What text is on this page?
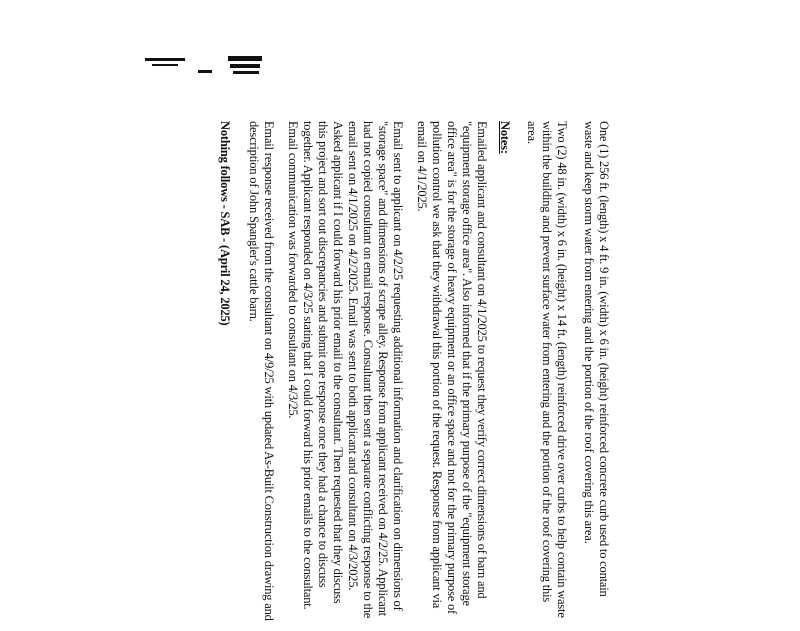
One (1) 256 ft. (length) x 4 ft. 9 in. (width) x 6 in. (height) reinforced concrete curb used to contain waste and keep storm water from entering and the portion of the roof covering this area.

Two (2) 48 in. (width) x 6 in. (height) x 14 ft. (length) reinforced drive over curbs to help contain waste within the building and prevent surface water from entering and the portion of the roof covering this area.

Notes:

Emailed applicant and consultant on 4/1/2025 to request they verify correct dimensions of barn and "equipment storage office area". Also informed that if the primary purpose of the "equipment storage office area" is for the storage of heavy equipment or an office space and not for the primary purpose of pollution control we ask that they withdrawal this portion of the request. Response from applicant via email on 4/1/2025.

Email sent to applicant on 4/2/25 requesting additional information and clarification on dimensions of "storage space" and dimensions of scrape alley. Response from applicant received on 4/2/25. Applicant had not copied consultant on email response. Consultant then sent a separate conflicting response to the email sent on 4/1/2025 on 4/2/2025. Email was sent to both applicant and consultant on 4/3/2025. Asked applicant if I could forward his prior email to the consultant. Then requested that they discuss this project and sort out discrepancies and submit one response once they had a chance to discuss together. Applicant responded on 4/3/25 stating that I could forward his prior emails to the consultant. Email communication was forwarded to consultant on 4/3/25.

Email response received from the consultant on 4/9/25 with updated As-Built Construction drawing and description of John Spangler's cattle barn.

Nothing follows - SAB - (April 24, 2025)
